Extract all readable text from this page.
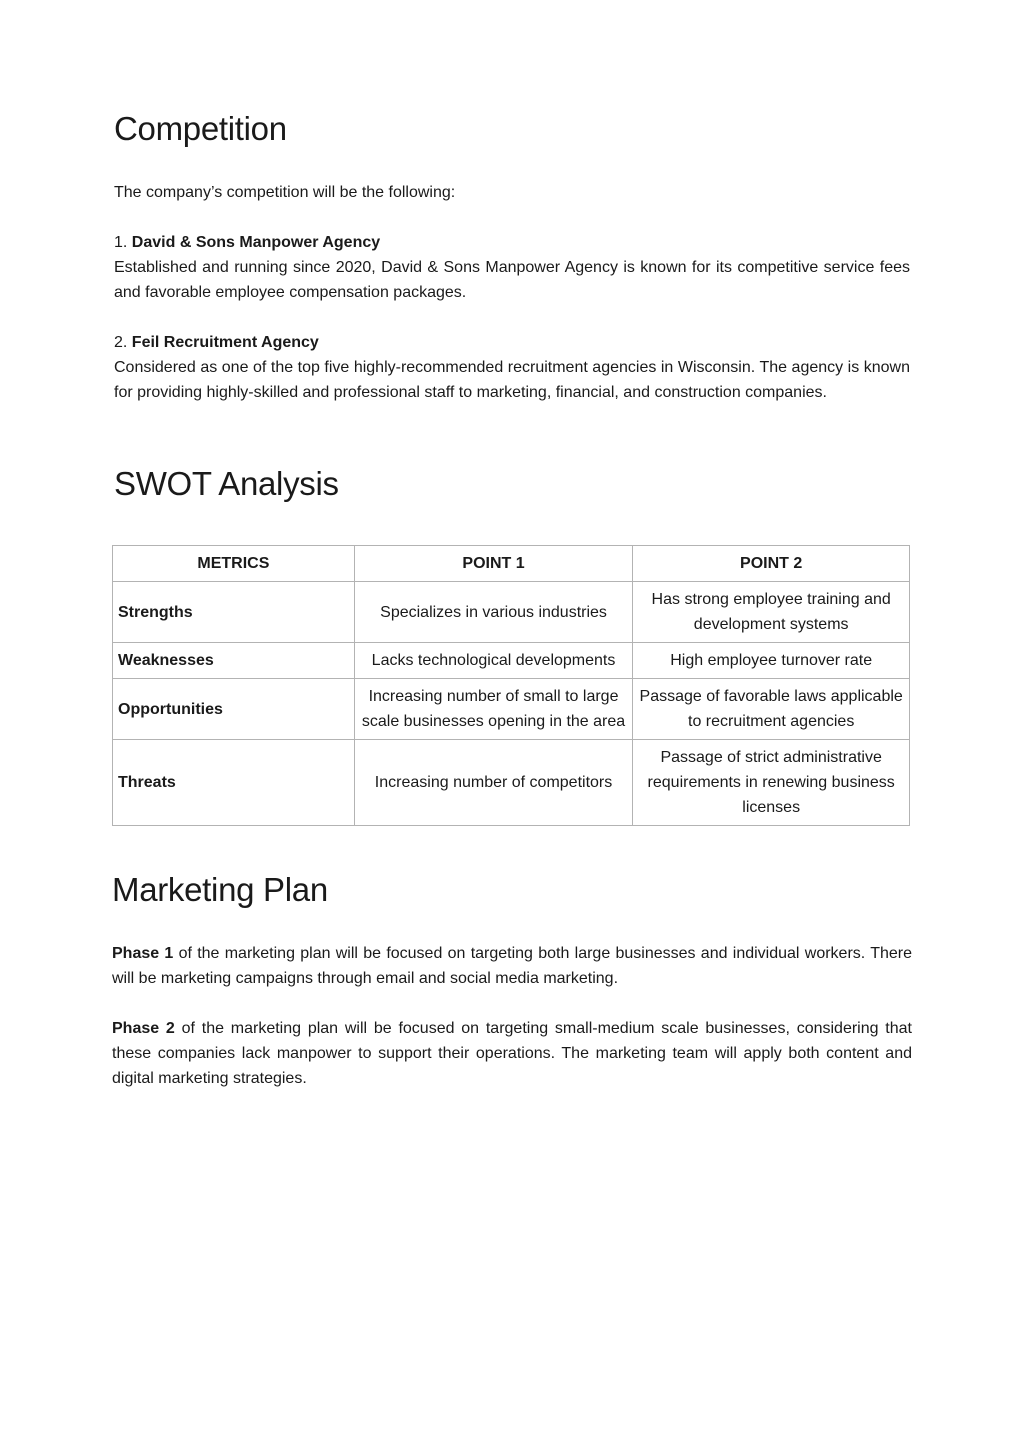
Competition

The company’s competition will be the following:

1. David & Sons Manpower Agency

Established and running since 2020, David & Sons Manpower Agency is known for its competitive service fees and favorable employee compensation packages.

2. Feil Recruitment Agency

Considered as one of the top five highly-recommended recruitment agencies in Wisconsin. The agency is known for providing highly-skilled and professional staff to marketing, financial, and construction companies.

SWOT Analysis
METRICS	POINT 1	POINT 2
Strengths	Specializes in various industries	Has strong employee training and development systems
Weaknesses	Lacks technological developments	High employee turnover rate
Opportunities	Increasing number of small to large scale businesses opening in the area	Passage of favorable laws applicable to recruitment agencies
Threats	Increasing number of competitors	Passage of strict administrative requirements in renewing business licenses
Marketing Plan

Phase 1 of the marketing plan will be focused on targeting both large businesses and individual workers. There will be marketing campaigns through email and social media marketing.

Phase 2 of the marketing plan will be focused on targeting small-medium scale businesses, considering that these companies lack manpower to support their operations. The marketing team will apply both content and digital marketing strategies.
